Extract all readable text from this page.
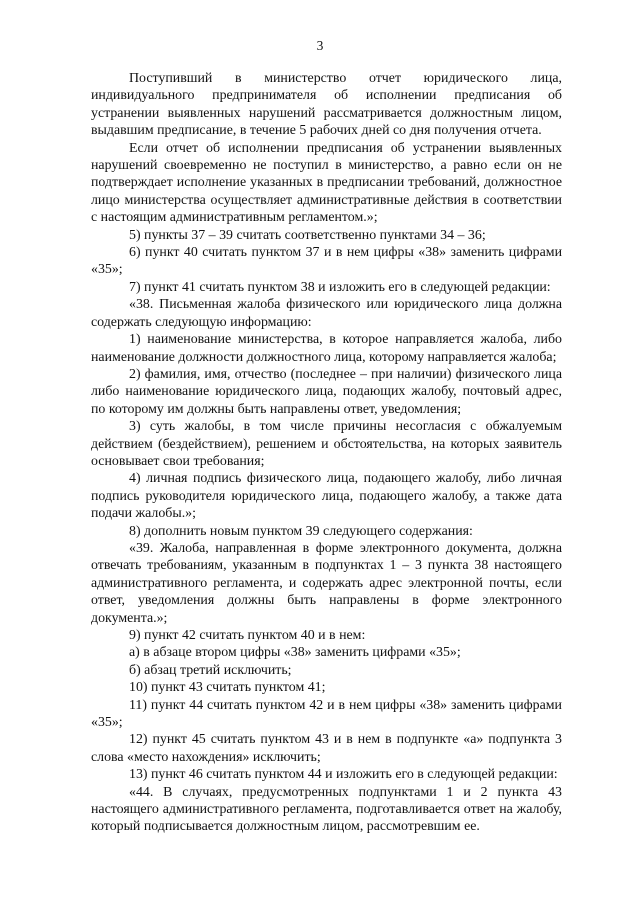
3

Поступивший в министерство отчет юридического лица, индивидуального предпринимателя об исполнении предписания об устранении выявленных нарушений рассматривается должностным лицом, выдавшим предписание, в течение 5 рабочих дней со дня получения отчета.

Если отчет об исполнении предписания об устранении выявленных нарушений своевременно не поступил в министерство, а равно если он не подтверждает исполнение указанных в предписании требований, должностное лицо министерства осуществляет административные действия в соответствии с настоящим административным регламентом.»;

5) пункты 37 – 39 считать соответственно пунктами 34 – 36;

6) пункт 40 считать пунктом 37 и в нем цифры «38» заменить цифрами «35»;

7) пункт 41 считать пунктом 38 и изложить его в следующей редакции:

«38. Письменная жалоба физического или юридического лица должна содержать следующую информацию:

1) наименование министерства, в которое направляется жалоба, либо наименование должности должностного лица, которому направляется жалоба;

2) фамилия, имя, отчество (последнее – при наличии) физического лица либо наименование юридического лица, подающих жалобу, почтовый адрес, по которому им должны быть направлены ответ, уведомления;

3) суть жалобы, в том числе причины несогласия с обжалуемым действием (бездействием), решением и обстоятельства, на которых заявитель основывает свои требования;

4) личная подпись физического лица, подающего жалобу, либо личная подпись руководителя юридического лица, подающего жалобу, а также дата подачи жалобы.»;

8) дополнить новым пунктом 39 следующего содержания:

«39. Жалоба, направленная в форме электронного документа, должна отвечать требованиям, указанным в подпунктах 1 – 3 пункта 38 настоящего административного регламента, и содержать адрес электронной почты, если ответ, уведомления должны быть направлены в форме электронного документа.»;

9) пункт 42 считать пунктом 40 и в нем:

а) в абзаце втором цифры «38» заменить цифрами «35»;

б) абзац третий исключить;

10) пункт 43 считать пунктом 41;

11) пункт 44 считать пунктом 42 и в нем цифры «38» заменить цифрами «35»;

12) пункт 45 считать пунктом 43 и в нем в подпункте «а» подпункта 3 слова «место нахождения» исключить;

13) пункт 46 считать пунктом 44 и изложить его в следующей редакции:

«44. В случаях, предусмотренных подпунктами 1 и 2 пункта 43 настоящего административного регламента, подготавливается ответ на жалобу, который подписывается должностным лицом, рассмотревшим ее.
